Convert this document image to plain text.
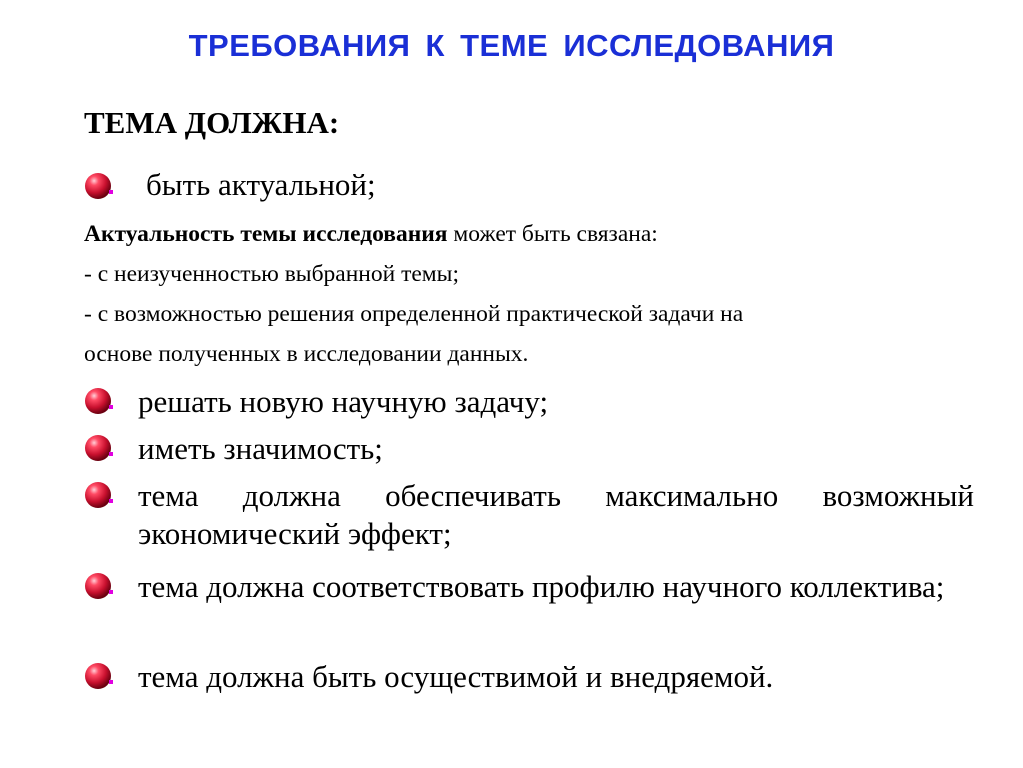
ТРЕБОВАНИЯ К ТЕМЕ ИССЛЕДОВАНИЯ
ТЕМА ДОЛЖНА:
быть актуальной;
Актуальность темы исследования может быть связана:
- с неизученностью выбранной темы;
- с возможностью решения определенной практической задачи на
основе полученных в исследовании данных.
решать новую научную задачу;
иметь значимость;
тема должна обеспечивать максимально возможный экономический эффект;
тема должна соответствовать профилю научного коллектива;
тема должна быть осуществимой и внедряемой.
